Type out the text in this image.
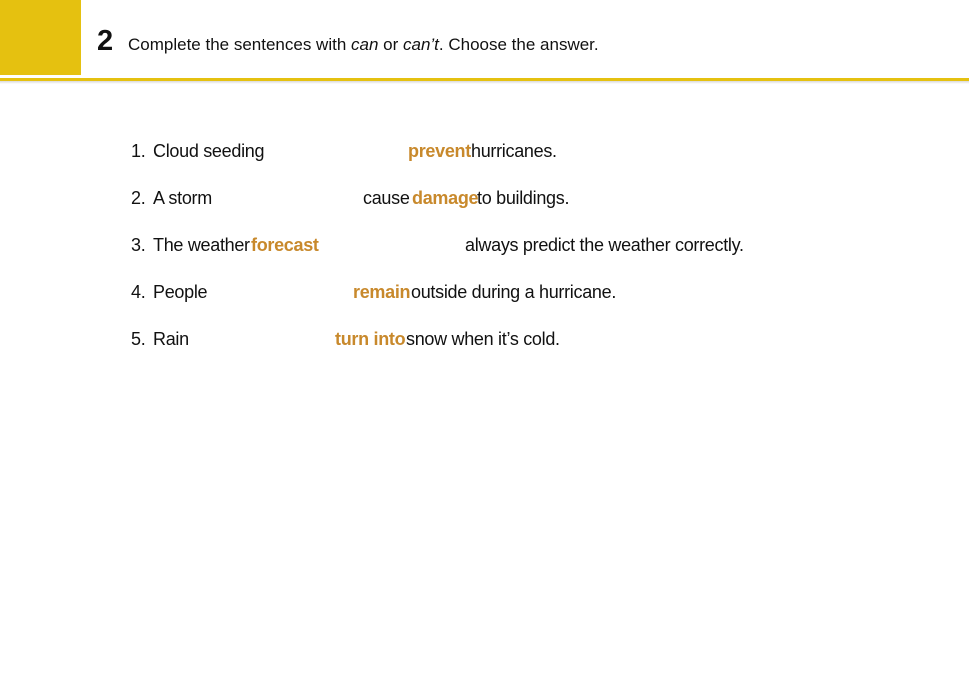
2 Complete the sentences with can or can’t. Choose the answer.
1. Cloud seeding	prevent hurricanes.
2. A storm	cause damage
to buildings.
3. The weather forecast	always predict the weather correctly.
4. People	remain outside during a hurricane.
5. Rain	turn into snow when it’s cold.
